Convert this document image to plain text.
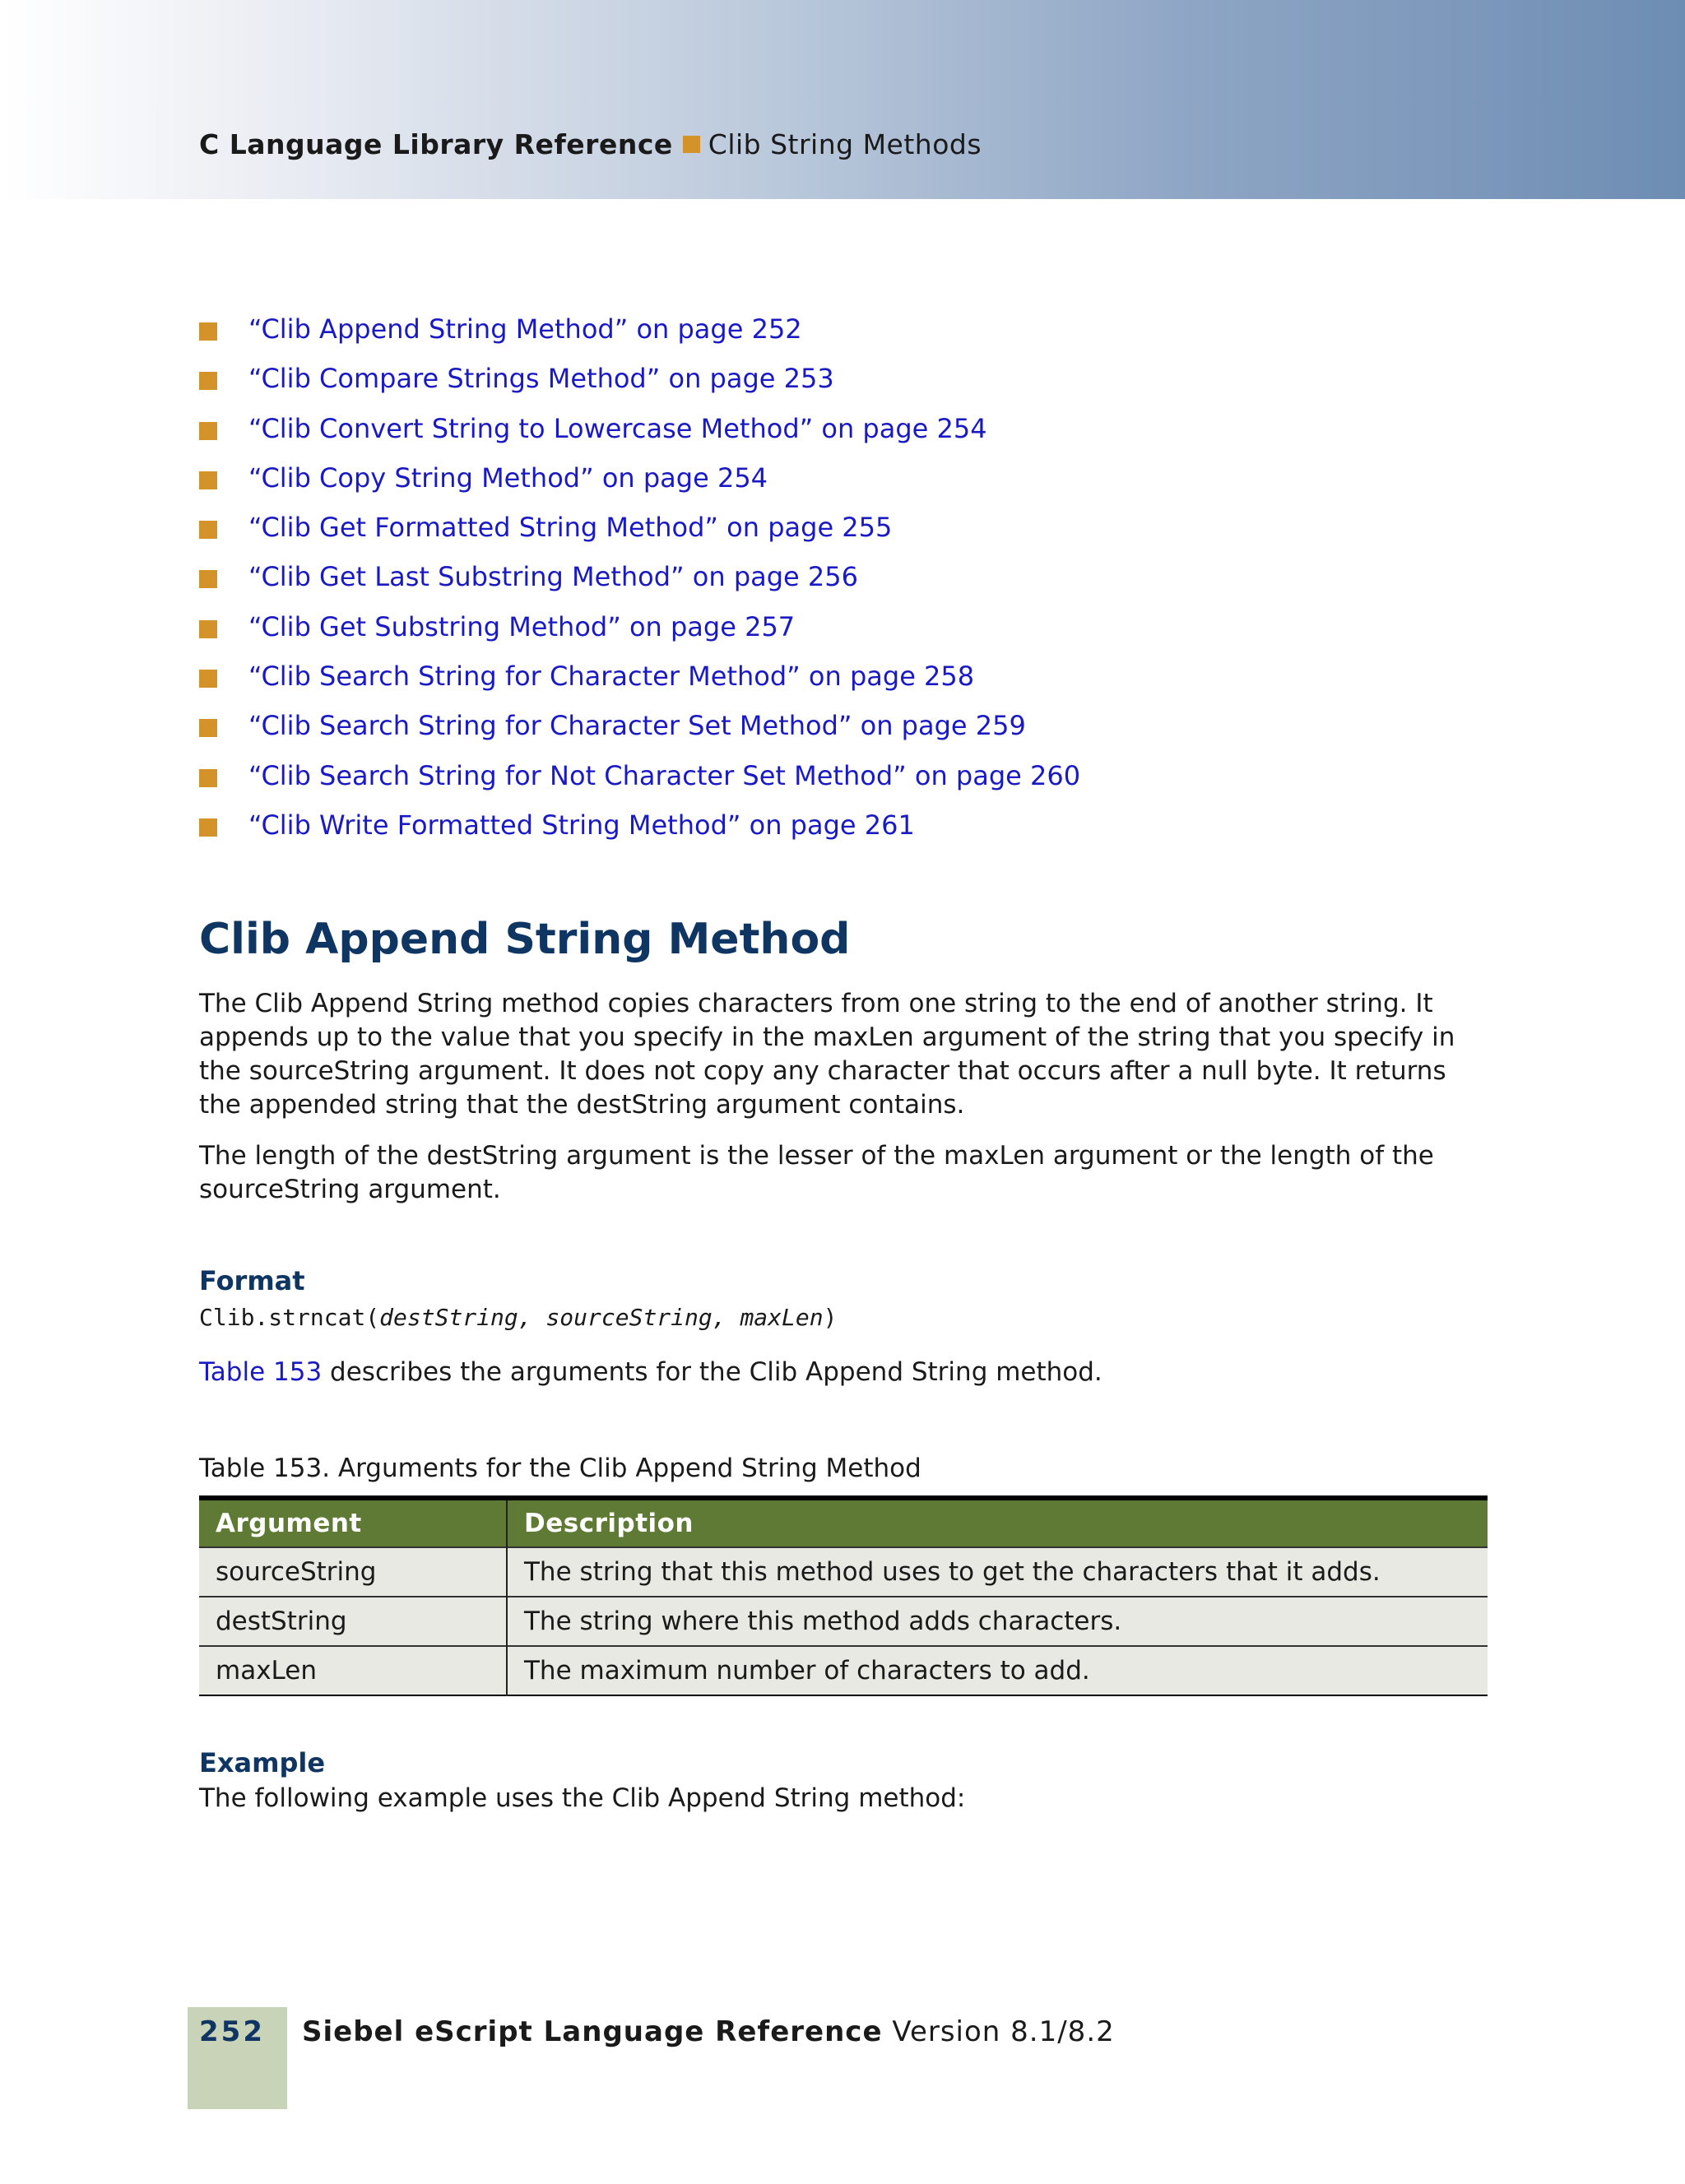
C Language Library Reference Clib String Methods
“Clib Append String Method” on page 252
“Clib Compare Strings Method” on page 253
“Clib Convert String to Lowercase Method” on page 254
“Clib Copy String Method” on page 254
“Clib Get Formatted String Method” on page 255
“Clib Get Last Substring Method” on page 256
“Clib Get Substring Method” on page 257
“Clib Search String for Character Method” on page 258
“Clib Search String for Character Set Method” on page 259
“Clib Search String for Not Character Set Method” on page 260
“Clib Write Formatted String Method” on page 261
Clib Append String Method

The Clib Append String method copies characters from one string to the end of another string. It appends up to the value that you specify in the maxLen argument of the string that you specify in the sourceString argument. It does not copy any character that occurs after a null byte. It returns the appended string that the destString argument contains.

The length of the destString argument is the lesser of the maxLen argument or the length of the sourceString argument.

Format
Clib.strncat(destString, sourceString, maxLen)
Table 153 describes the arguments for the Clib Append String method.
Table 153. Arguments for the Clib Append String Method
Argument	Description
sourceString	The string that this method uses to get the characters that it adds.
destString	The string where this method adds characters.
maxLen	The maximum number of characters to add.
Example
The following example uses the Clib Append String method:
252 Siebel eScript Language Reference Version 8.1/8.2
